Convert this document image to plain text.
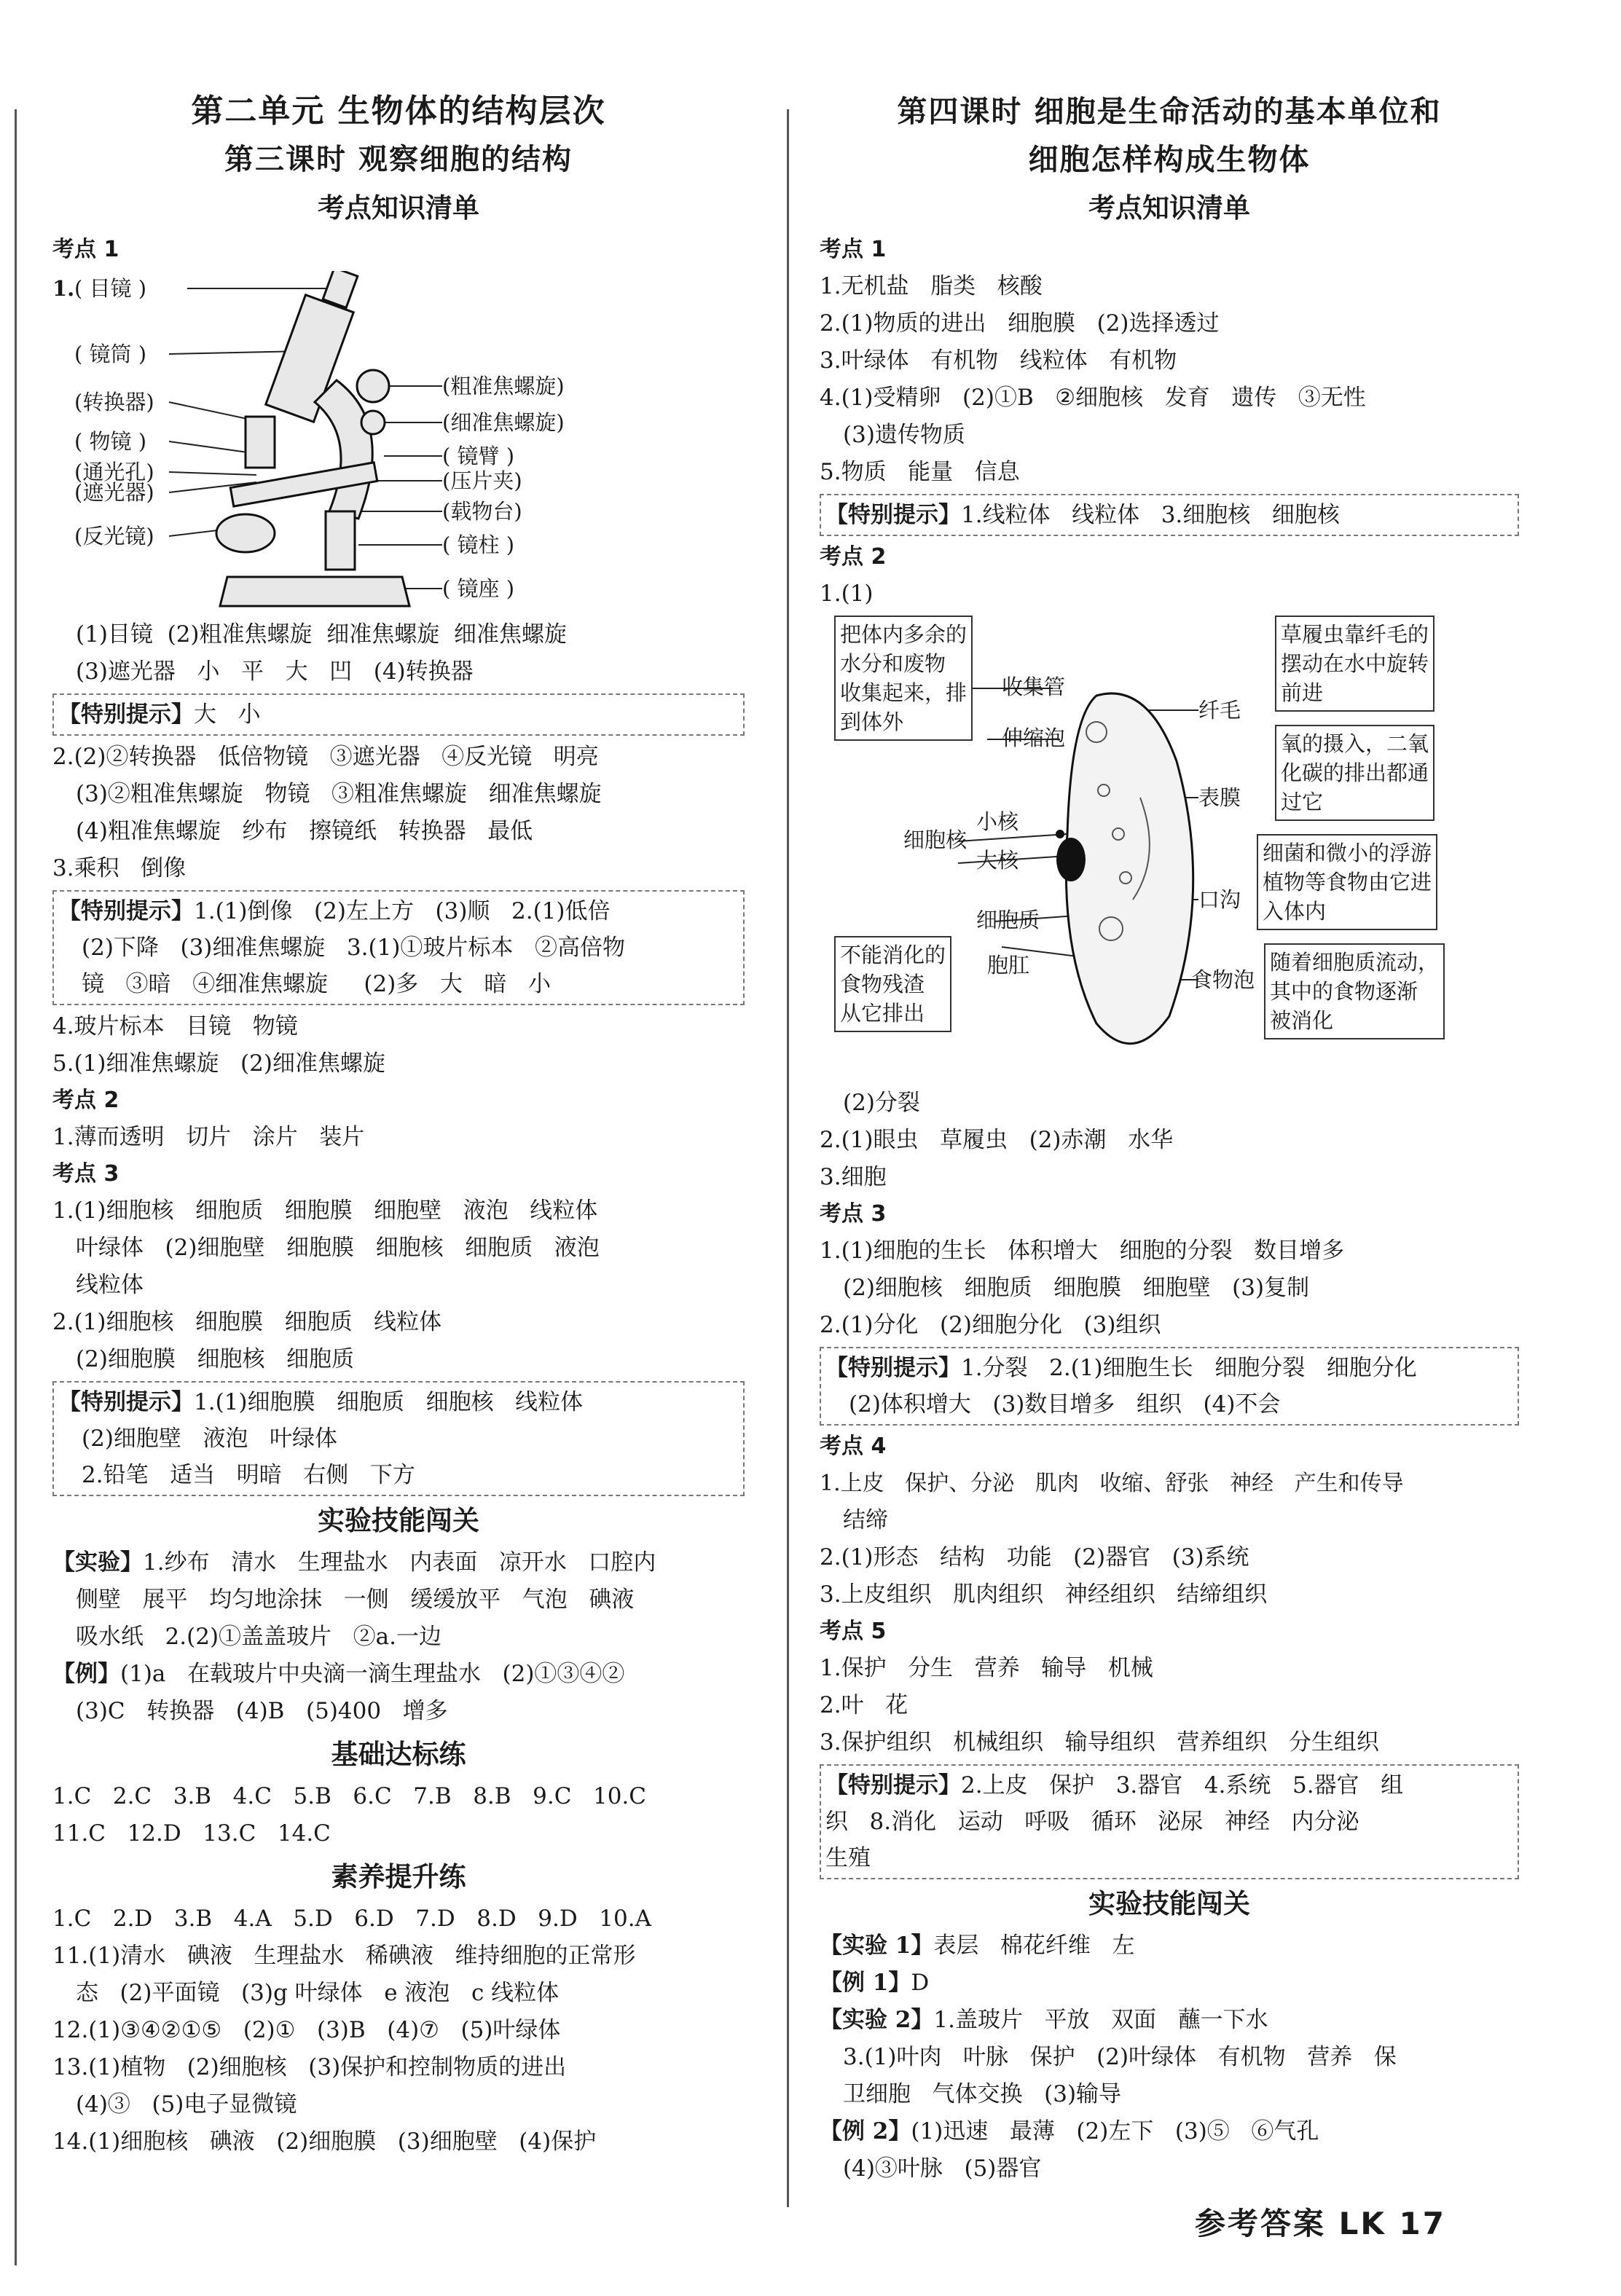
第二单元 生物体的结构层次
第三课时 观察细胞的结构
考点知识清单
考点 1
1. ( 目镜 )
( 镜筒 )
(转换器)
( 物镜 )
(通光孔)
(遮光器)
(反光镜)
(粗准焦螺旋)
(细准焦螺旋)
( 镜臂 )
(压片夹)
(载物台)
( 镜柱 )
( 镜座 )
(1)目镜  (2)粗准焦螺旋  细准焦螺旋  细准焦螺旋
(3)遮光器   小   平   大   凹   (4)转换器
【特别提示】大   小
2.(2)②转换器   低倍物镜   ③遮光器   ④反光镜   明亮
(3)②粗准焦螺旋   物镜   ③粗准焦螺旋   细准焦螺旋
(4)粗准焦螺旋   纱布   擦镜纸   转换器   最低
3.乘积   倒像
【特别提示】1.(1)倒像   (2)左上方   (3)顺   2.(1)低倍
(2)下降   (3)细准焦螺旋   3.(1)①玻片标本   ②高倍物
镜   ③暗   ④细准焦螺旋     (2)多   大   暗   小
4.玻片标本   目镜   物镜
5.(1)细准焦螺旋   (2)细准焦螺旋
考点 2
1.薄而透明   切片   涂片   装片
考点 3
1.(1)细胞核   细胞质   细胞膜   细胞壁   液泡   线粒体
叶绿体   (2)细胞壁   细胞膜   细胞核   细胞质   液泡
线粒体
2.(1)细胞核   细胞膜   细胞质   线粒体
(2)细胞膜   细胞核   细胞质
【特别提示】1.(1)细胞膜   细胞质   细胞核   线粒体
(2)细胞壁   液泡   叶绿体
2.铅笔   适当   明暗   右侧   下方
实验技能闯关
【实验】1.纱布   清水   生理盐水   内表面   凉开水   口腔内
侧壁   展平   均匀地涂抹   一侧   缓缓放平   气泡   碘液
吸水纸   2.(2)①盖盖玻片   ②a.一边
【例】(1)a   在载玻片中央滴一滴生理盐水   (2)①③④②
(3)C   转换器   (4)B   (5)400   增多
基础达标练
1.C   2.C   3.B   4.C   5.B   6.C   7.B   8.B   9.C   10.C
11.C   12.D   13.C   14.C
素养提升练
1.C   2.D   3.B   4.A   5.D   6.D   7.D   8.D   9.D   10.A
11.(1)清水   碘液   生理盐水   稀碘液   维持细胞的正常形
态   (2)平面镜   (3)g 叶绿体   e 液泡   c 线粒体
12.(1)③④②①⑤   (2)①   (3)B   (4)⑦   (5)叶绿体
13.(1)植物   (2)细胞核   (3)保护和控制物质的进出
(4)③   (5)电子显微镜
14.(1)细胞核   碘液   (2)细胞膜   (3)细胞壁   (4)保护
第四课时 细胞是生命活动的基本单位和
细胞怎样构成生物体
考点知识清单
考点 1
1.无机盐   脂类   核酸
2.(1)物质的进出   细胞膜   (2)选择透过
3.叶绿体   有机物   线粒体   有机物
4.(1)受精卵   (2)①B   ②细胞核   发育   遗传   ③无性
(3)遗传物质
5.物质   能量   信息
【特别提示】1.线粒体   线粒体   3.细胞核   细胞核
考点 2
1.(1)
把体内多余的
水分和废物
收集起来，排
到体外
收集管
伸缩泡
小核
大核
细胞核
细胞质
不能消化的
食物残渣
从它排出
胞肛
纤毛
草履虫靠纤毛的
摆动在水中旋转
前进
表膜
氧的摄入，二氧
化碳的排出都通
过它
口沟
细菌和微小的浮游
植物等食物由它进
入体内
食物泡
随着细胞质流动，
其中的食物逐渐
被消化
(2)分裂
2.(1)眼虫   草履虫   (2)赤潮   水华
3.细胞
考点 3
1.(1)细胞的生长   体积增大   细胞的分裂   数目增多
(2)细胞核   细胞质   细胞膜   细胞壁   (3)复制
2.(1)分化   (2)细胞分化   (3)组织
【特别提示】1.分裂   2.(1)细胞生长   细胞分裂   细胞分化
(2)体积增大   (3)数目增多   组织   (4)不会
考点 4
1.上皮   保护、分泌   肌肉   收缩、舒张   神经   产生和传导
结缔
2.(1)形态   结构   功能   (2)器官   (3)系统
3.上皮组织   肌肉组织   神经组织   结缔组织
考点 5
1.保护   分生   营养   输导   机械
2.叶   花
3.保护组织   机械组织   输导组织   营养组织   分生组织
【特别提示】2.上皮   保护   3.器官   4.系统   5.器官   组
织   8.消化   运动   呼吸   循环   泌尿   神经   内分泌
生殖
实验技能闯关
【实验 1】表层   棉花纤维   左
【例 1】D
【实验 2】1.盖玻片   平放   双面   蘸一下水
3.(1)叶肉   叶脉   保护   (2)叶绿体   有机物   营养   保
卫细胞   气体交换   (3)输导
【例 2】(1)迅速   最薄   (2)左下   (3)⑤   ⑥气孔
(4)③叶脉   (5)器官
参考答案 LK 17
